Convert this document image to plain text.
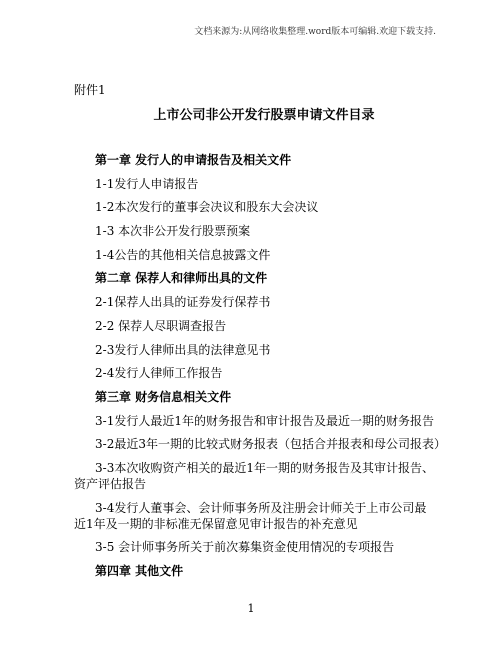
文档来源为:从网络收集整理.word版本可编辑.欢迎下载支持.
附件1
上市公司非公开发行股票申请文件目录
第一章 发行人的申请报告及相关文件
1-1发行人申请报告
1-2本次发行的董事会决议和股东大会决议
1-3 本次非公开发行股票预案
1-4公告的其他相关信息披露文件
第二章 保荐人和律师出具的文件
2-1保荐人出具的证券发行保荐书
2-2 保荐人尽职调查报告
2-3发行人律师出具的法律意见书
2-4发行人律师工作报告
第三章 财务信息相关文件
3-1发行人最近1年的财务报告和审计报告及最近一期的财务报告
3-2最近3年一期的比较式财务报表（包括合并报表和母公司报表）
3-3本次收购资产相关的最近1年一期的财务报告及其审计报告、资产评估报告
3-4发行人董事会、会计师事务所及注册会计师关于上市公司最近1年及一期的非标准无保留意见审计报告的补充意见
3-5 会计师事务所关于前次募集资金使用情况的专项报告
第四章 其他文件
1
